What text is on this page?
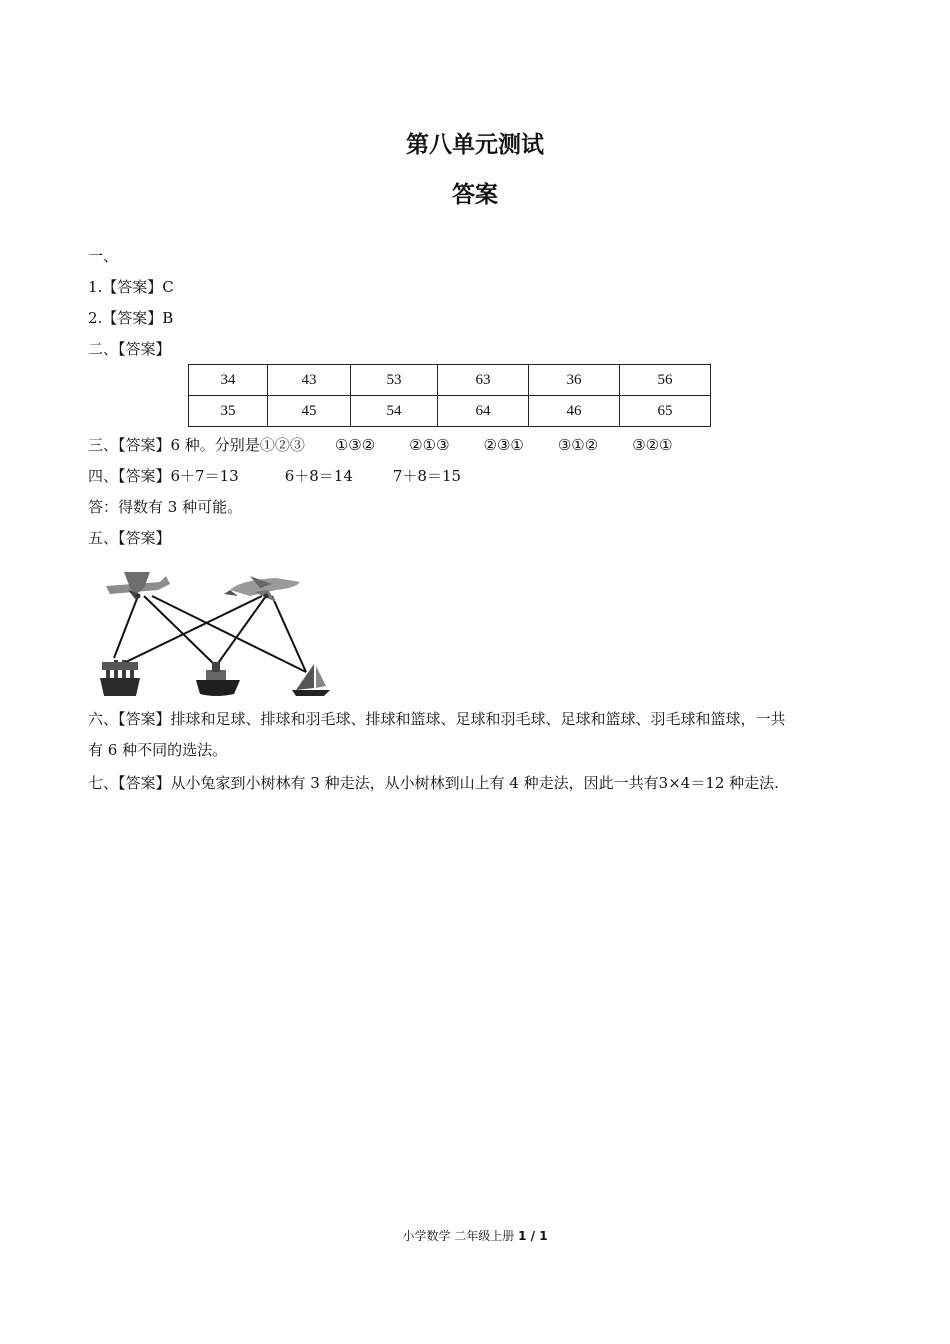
第八单元测试
答案
一、
1.【答案】C
2.【答案】B
二、【答案】
34	43	53	63	36	56
35	45	54	64	46	65
三、【答案】6 种。分别是①②③ ①③② ②①③ ②③① ③①② ③②①
四、【答案】6＋7＝13	6＋8＝14	7＋8＝15
答：得数有 3 种可能。
五、【答案】
六、【答案】排球和足球、排球和羽毛球、排球和篮球、足球和羽毛球、足球和篮球、羽毛球和篮球，一共
有 6 种不同的选法。
七、【答案】从小兔家到小树林有 3 种走法，从小树林到山上有 4 种走法，因此一共有3×4＝12 种走法.
小学数学 二年级上册 1 / 1
